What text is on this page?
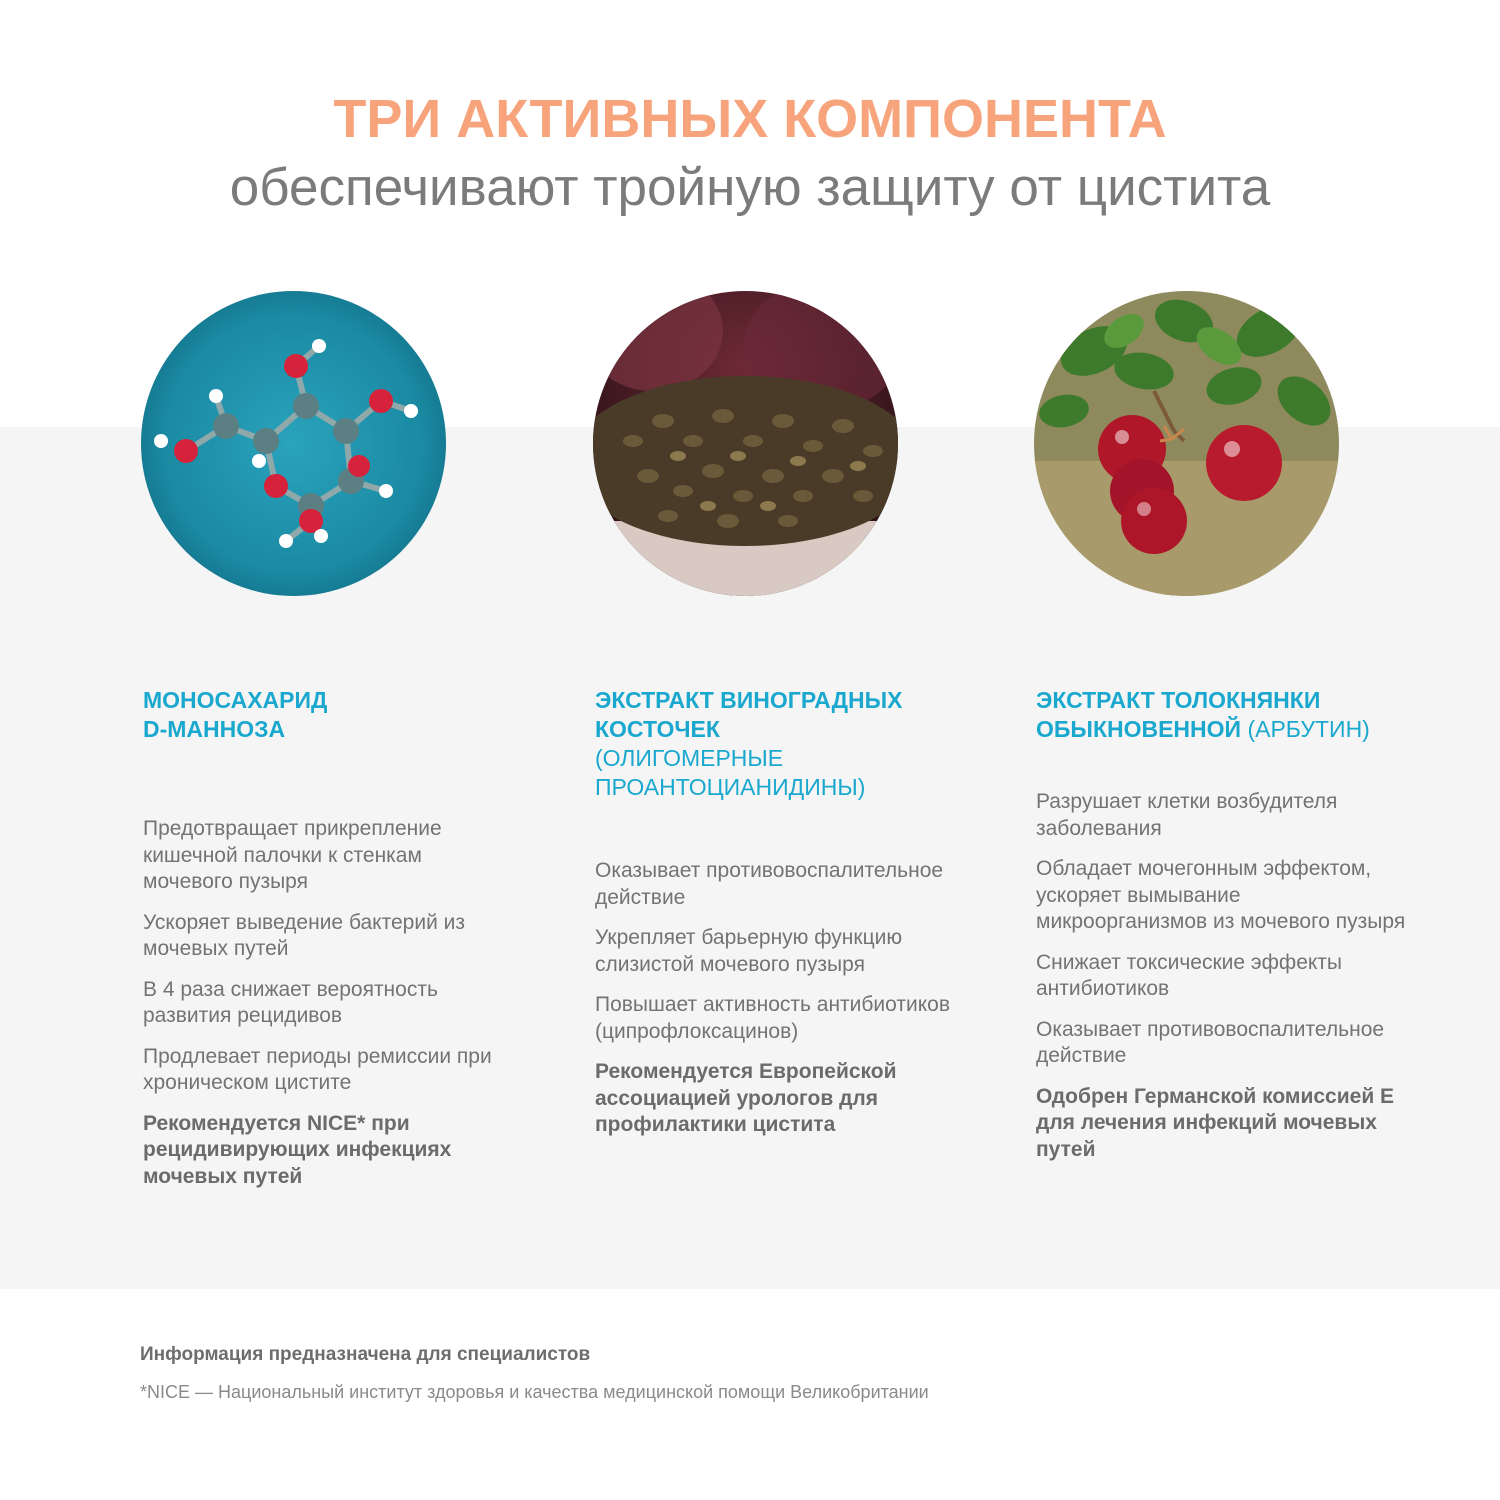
ТРИ АКТИВНЫХ КОМПОНЕНТА
обеспечивают тройную защиту от цистита
МОНОСАХАРИД
D-МАННОЗА

Предотвращает прикрепление кишечной палочки к стенкам мочевого пузыря

Ускоряет выведение бактерий из мочевых путей

В 4 раза снижает вероятность развития рецидивов

Продлевает периоды ремиссии при хроническом цистите

Рекомендуется NICE* при рецидивирующих инфекциях мочевых путей

ЭКСТРАКТ ВИНОГРАДНЫХ
КОСТОЧЕК
(ОЛИГОМЕРНЫЕ ПРОАНТОЦИАНИДИНЫ)

Оказывает противовоспалительное действие

Укрепляет барьерную функцию слизистой мочевого пузыря

Повышает активность антибиотиков (ципрофлоксацинов)

Рекомендуется Европейской ассоциацией урологов для профилактики цистита

ЭКСТРАКТ ТОЛОКНЯНКИ ОБЫКНОВЕННОЙ (АРБУТИН)

Разрушает клетки возбудителя заболевания

Обладает мочегонным эффектом, ускоряет вымывание микроорганизмов из мочевого пузыря

Снижает токсические эффекты антибиотиков

Оказывает противовоспалительное действие

Одобрен Германской комиссией Е для лечения инфекций мочевых путей

Информация предназначена для специалистов
*NICE — Национальный институт здоровья и качества медицинской помощи Великобритании
